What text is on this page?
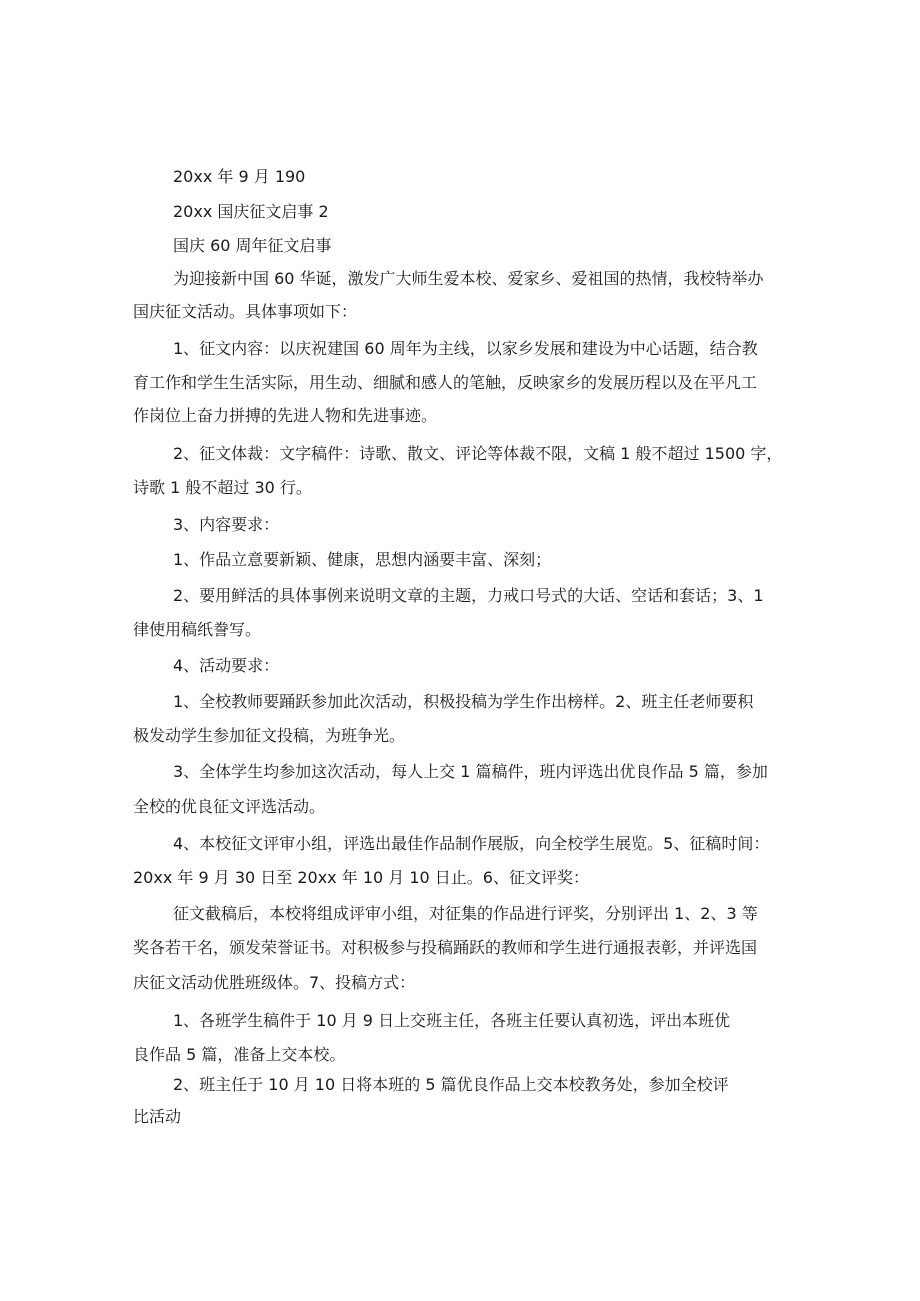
20xx 年 9 月 190
20xx 国庆征文启事 2
国庆 60 周年征文启事
为迎接新中国 60 华诞，激发广大师生爱本校、爱家乡、爱祖国的热情，我校特举办
国庆征文活动。具体事项如下：
1、征文内容：以庆祝建国 60 周年为主线，以家乡发展和建设为中心话题，结合教
育工作和学生生活实际，用生动、细腻和感人的笔触，反映家乡的发展历程以及在平凡工
作岗位上奋力拼搏的先进人物和先进事迹。
2、征文体裁：文字稿件：诗歌、散文、评论等体裁不限，文稿 1 般不超过 1500 字，
诗歌 1 般不超过 30 行。
3、内容要求：
1、作品立意要新颖、健康，思想内涵要丰富、深刻；
2、要用鲜活的具体事例来说明文章的主题，力戒口号式的大话、空话和套话；3、1
律使用稿纸誊写。
4、活动要求：
1、全校教师要踊跃参加此次活动，积极投稿为学生作出榜样。2、班主任老师要积
极发动学生参加征文投稿，为班争光。
3、全体学生均参加这次活动，每人上交 1 篇稿件，班内评选出优良作品 5 篇，参加
全校的优良征文评选活动。
4、本校征文评审小组，评选出最佳作品制作展版，向全校学生展览。5、征稿时间：
20xx 年 9 月 30 日至 20xx 年 10 月 10 日止。6、征文评奖：
征文截稿后，本校将组成评审小组，对征集的作品进行评奖，分别评出 1、2、3 等
奖各若干名，颁发荣誉证书。对积极参与投稿踊跃的教师和学生进行通报表彰，并评选国
庆征文活动优胜班级体。7、投稿方式：
1、各班学生稿件于 10 月 9 日上交班主任，各班主任要认真初选，评出本班优
良作品 5 篇，准备上交本校。
2、班主任于 10 月 10 日将本班的 5 篇优良作品上交本校教务处，参加全校评
比活动
